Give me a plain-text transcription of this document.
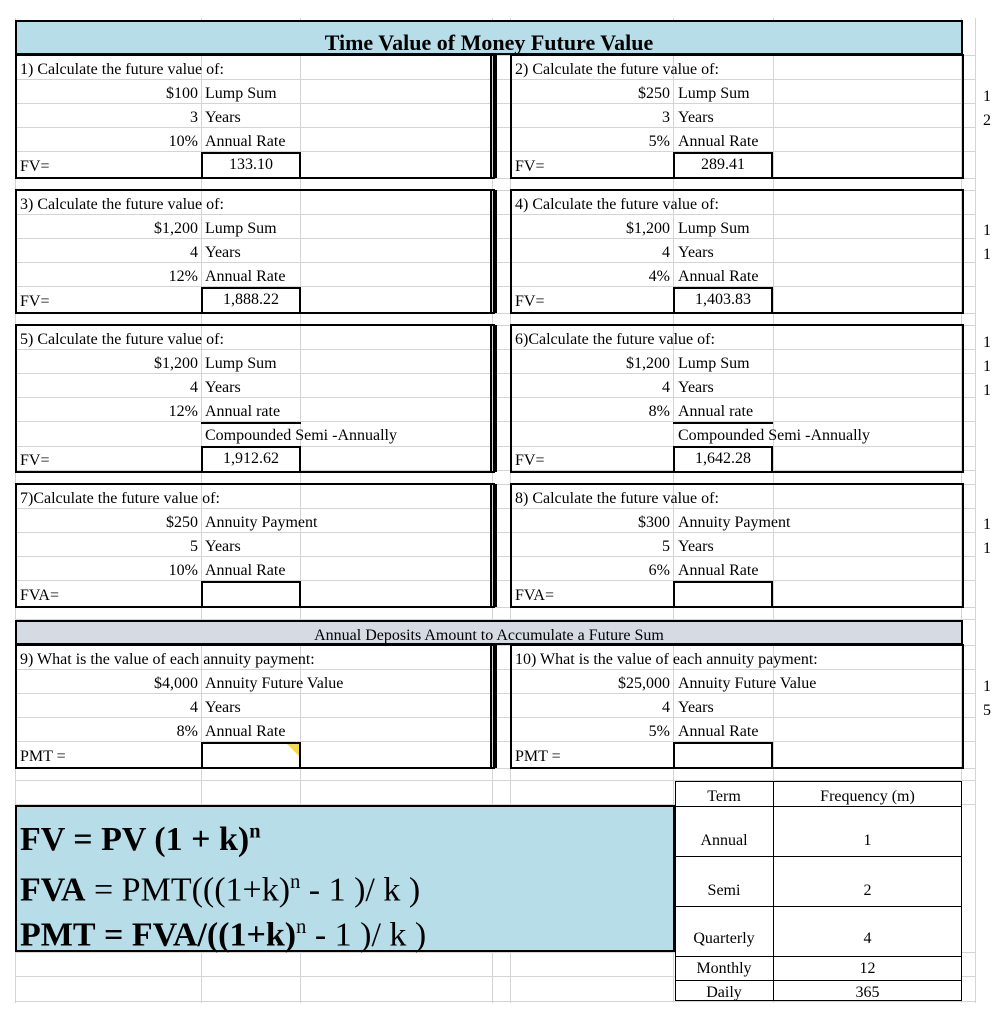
Time Value of Money Future Value
Annual Deposits Amount to Accumulate a Future Sum
1) Calculate the future value of:
$100 Lump Sum
3 Years
10% Annual Rate
FV=	133.10
2) Calculate the future value of:
$250 Lump Sum
3 Years
5% Annual Rate
FV=	289.41
3) Calculate the future value of:
$1,200 Lump Sum
4 Years
12% Annual Rate
FV=	1,888.22
4) Calculate the future value of:
$1,200 Lump Sum
4 Years
4% Annual Rate
FV=	1,403.83
5) Calculate the future value of:
$1,200 Lump Sum
4 Years
12% Annual rate
Compounded Semi -Annually
FV=	1,912.62
6)Calculate the future value of:
$1,200 Lump Sum
4 Years
8% Annual rate
Compounded Semi -Annually
FV=	1,642.28
7)Calculate the future value of:
$250 Annuity Payment
5 Years
10% Annual Rate
FVA=
8) Calculate the future value of:
$300 Annuity Payment
5 Years
6% Annual Rate
FVA=
9) What is the value of each annuity payment:
$4,000 Annuity Future Value
4 Years
8% Annual Rate
PMT =
10) What is the value of each annuity payment:
$25,000 Annuity Future Value
4 Years
5% Annual Rate
PMT =
FV = PV $(1 + k)^n$
FVA = $PMT(((1+k)^n - 1$ )/ k )
PMT = FVA/($(1+k)^n - 1$ )/ k )
Term	Frequency (m)
Annual	1
Semi	2
Quarterly	4
Monthly	12
Daily	365
1
2
1
1
1
1
1
1
1
1
5
